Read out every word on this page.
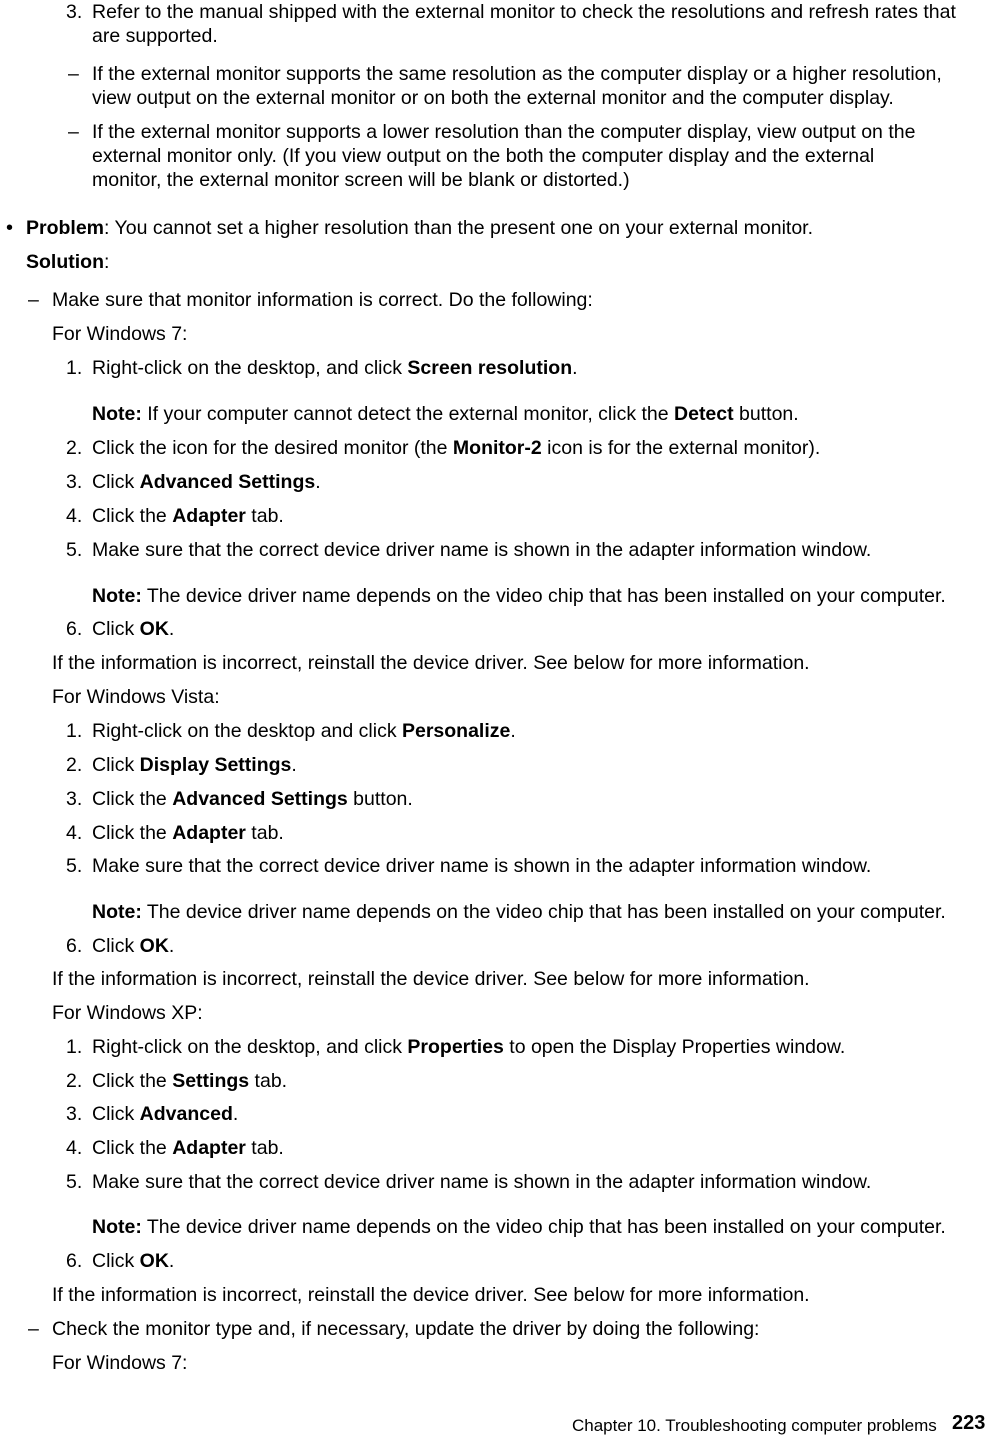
3. Refer to the manual shipped with the external monitor to check the resolutions and refresh rates that
are supported.
– If the external monitor supports the same resolution as the computer display or a higher resolution,
view output on the external monitor or on both the external monitor and the computer display.
– If the external monitor supports a lower resolution than the computer display, view output on the
external monitor only. (If you view output on the both the computer display and the external
monitor, the external monitor screen will be blank or distorted.)
• Problem: You cannot set a higher resolution than the present one on your external monitor.
Solution:
– Make sure that monitor information is correct. Do the following:
For Windows 7:
1. Right-click on the desktop, and click Screen resolution.
Note: If your computer cannot detect the external monitor, click the Detect button.
2. Click the icon for the desired monitor (the Monitor-2 icon is for the external monitor).
3. Click Advanced Settings.
4. Click the Adapter tab.
5. Make sure that the correct device driver name is shown in the adapter information window.
Note: The device driver name depends on the video chip that has been installed on your computer.
6. Click OK.
If the information is incorrect, reinstall the device driver. See below for more information.
For Windows Vista:
1. Right-click on the desktop and click Personalize.
2. Click Display Settings.
3. Click the Advanced Settings button.
4. Click the Adapter tab.
5. Make sure that the correct device driver name is shown in the adapter information window.
Note: The device driver name depends on the video chip that has been installed on your computer.
6. Click OK.
If the information is incorrect, reinstall the device driver. See below for more information.
For Windows XP:
1. Right-click on the desktop, and click Properties to open the Display Properties window.
2. Click the Settings tab.
3. Click Advanced.
4. Click the Adapter tab.
5. Make sure that the correct device driver name is shown in the adapter information window.
Note: The device driver name depends on the video chip that has been installed on your computer.
6. Click OK.
If the information is incorrect, reinstall the device driver. See below for more information.
– Check the monitor type and, if necessary, update the driver by doing the following:
For Windows 7:
Chapter 10. Troubleshooting computer problems 223
